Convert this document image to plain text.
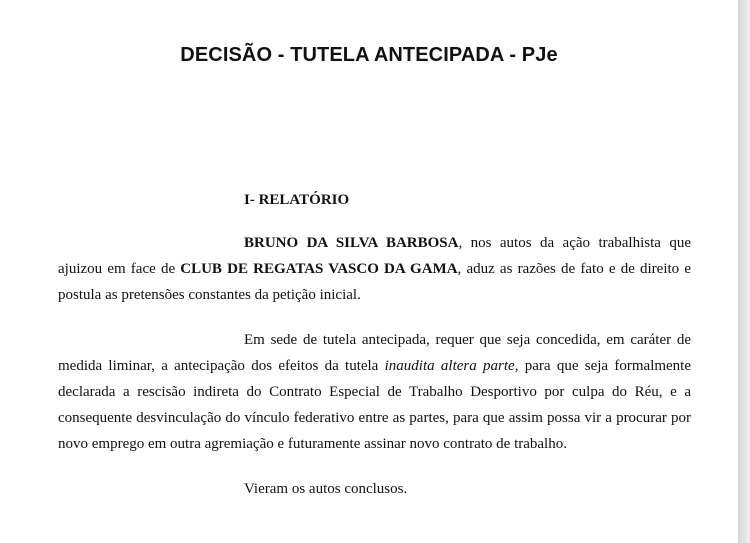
DECISÃO - TUTELA ANTECIPADA - PJe
I- RELATÓRIO

BRUNO DA SILVA BARBOSA, nos autos da ação trabalhista que ajuizou em face de CLUB DE REGATAS VASCO DA GAMA, aduz as razões de fato e de direito e postula as pretensões constantes da petição inicial.

Em sede de tutela antecipada, requer que seja concedida, em caráter de medida liminar, a antecipação dos efeitos da tutela inaudita altera parte, para que seja formalmente declarada a rescisão indireta do Contrato Especial de Trabalho Desportivo por culpa do Réu, e a consequente desvinculação do vínculo federativo entre as partes, para que assim possa vir a procurar por novo emprego em outra agremiação e futuramente assinar novo contrato de trabalho.

Vieram os autos conclusos.
